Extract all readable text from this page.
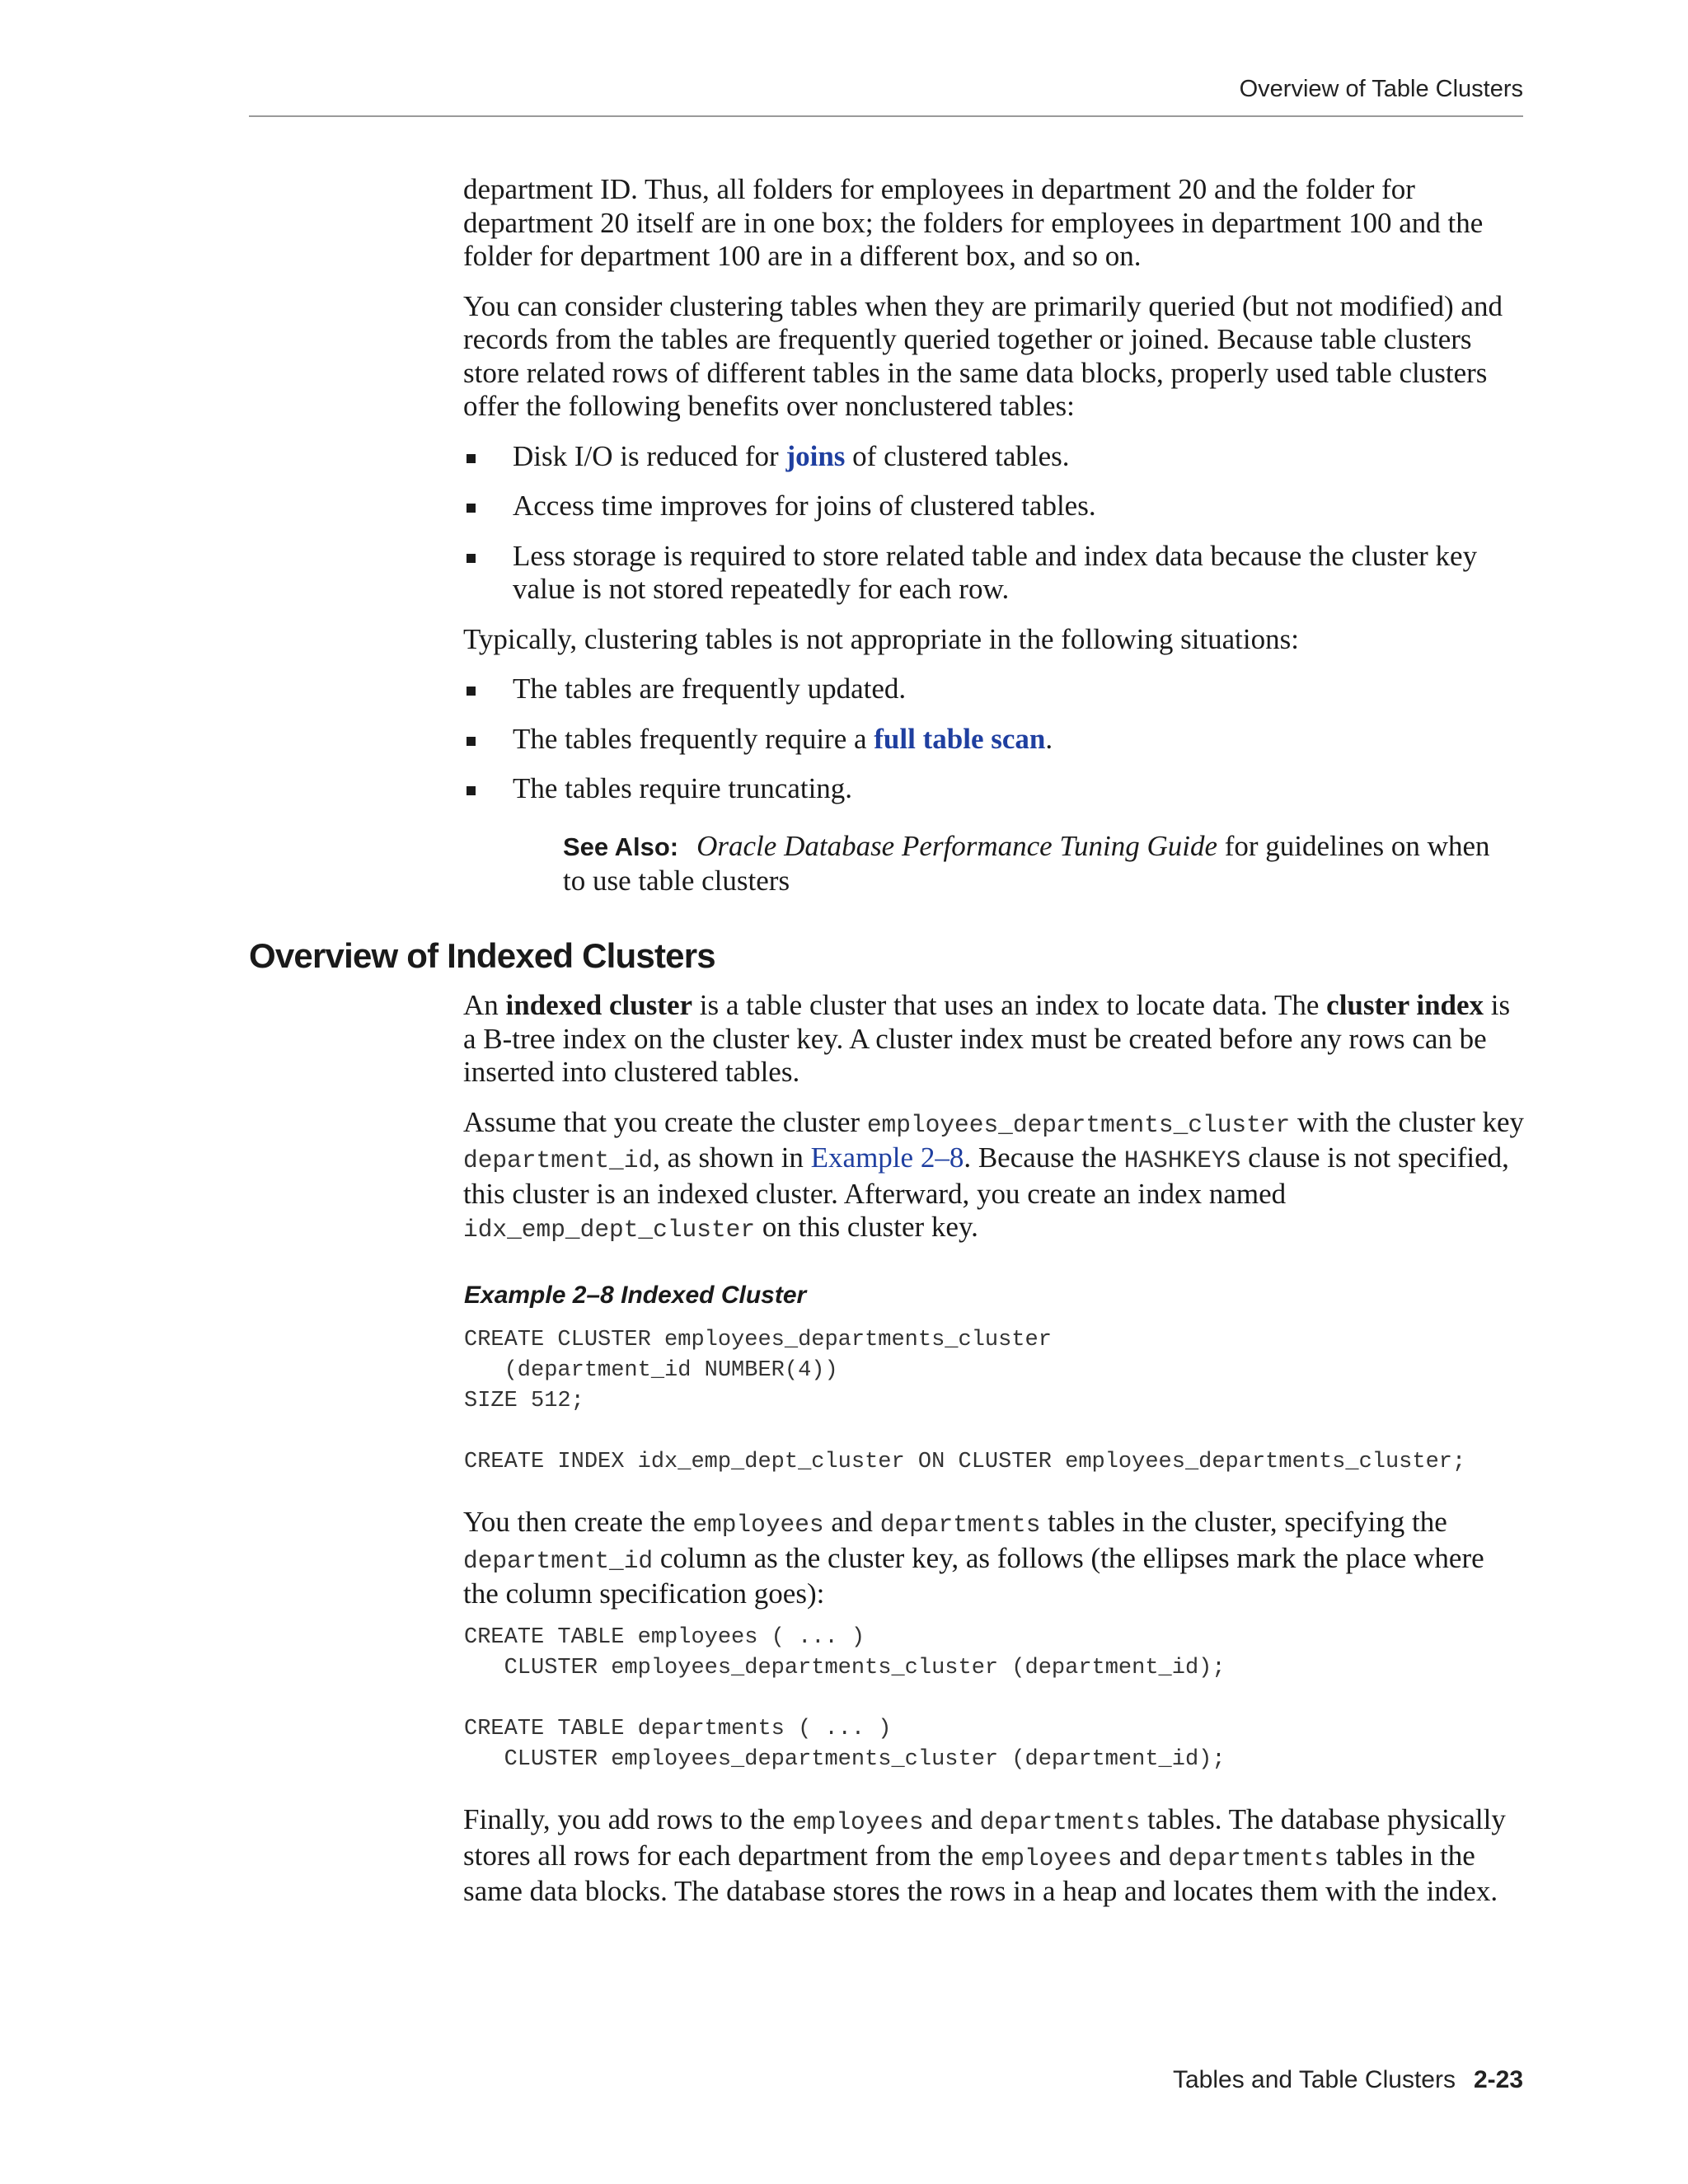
Overview of Table Clusters

department ID. Thus, all folders for employees in department 20 and the folder for department 20 itself are in one box; the folders for employees in department 100 and the folder for department 100 are in a different box, and so on.

You can consider clustering tables when they are primarily queried (but not modified) and records from the tables are frequently queried together or joined. Because table clusters store related rows of different tables in the same data blocks, properly used table clusters offer the following benefits over nonclustered tables:

Disk I/O is reduced for joins of clustered tables.
Access time improves for joins of clustered tables.
Less storage is required to store related table and index data because the cluster key value is not stored repeatedly for each row.

Typically, clustering tables is not appropriate in the following situations:

The tables are frequently updated.
The tables frequently require a full table scan.
The tables require truncating.
See Also: Oracle Database Performance Tuning Guide for guidelines on when to use table clusters
Overview of Indexed Clusters

An indexed cluster is a table cluster that uses an index to locate data. The cluster index is a B-tree index on the cluster key. A cluster index must be created before any rows can be inserted into clustered tables.

Assume that you create the cluster employees_departments_cluster with the cluster key department_id, as shown in Example 2–8. Because the HASHKEYS clause is not specified, this cluster is an indexed cluster. Afterward, you create an index named idx_emp_dept_cluster on this cluster key.

Example 2–8 Indexed Cluster
CREATE CLUSTER employees_departments_cluster
(department_id NUMBER(4))
SIZE 512;

CREATE INDEX idx_emp_dept_cluster ON CLUSTER employees_departments_cluster;

You then create the employees and departments tables in the cluster, specifying the department_id column as the cluster key, as follows (the ellipses mark the place where the column specification goes):

CREATE TABLE employees ( ... )
CLUSTER employees_departments_cluster (department_id);

CREATE TABLE departments ( ... )
CLUSTER employees_departments_cluster (department_id);

Finally, you add rows to the employees and departments tables. The database physically stores all rows for each department from the employees and departments tables in the same data blocks. The database stores the rows in a heap and locates them with the index.

Tables and Table Clusters 2-23
